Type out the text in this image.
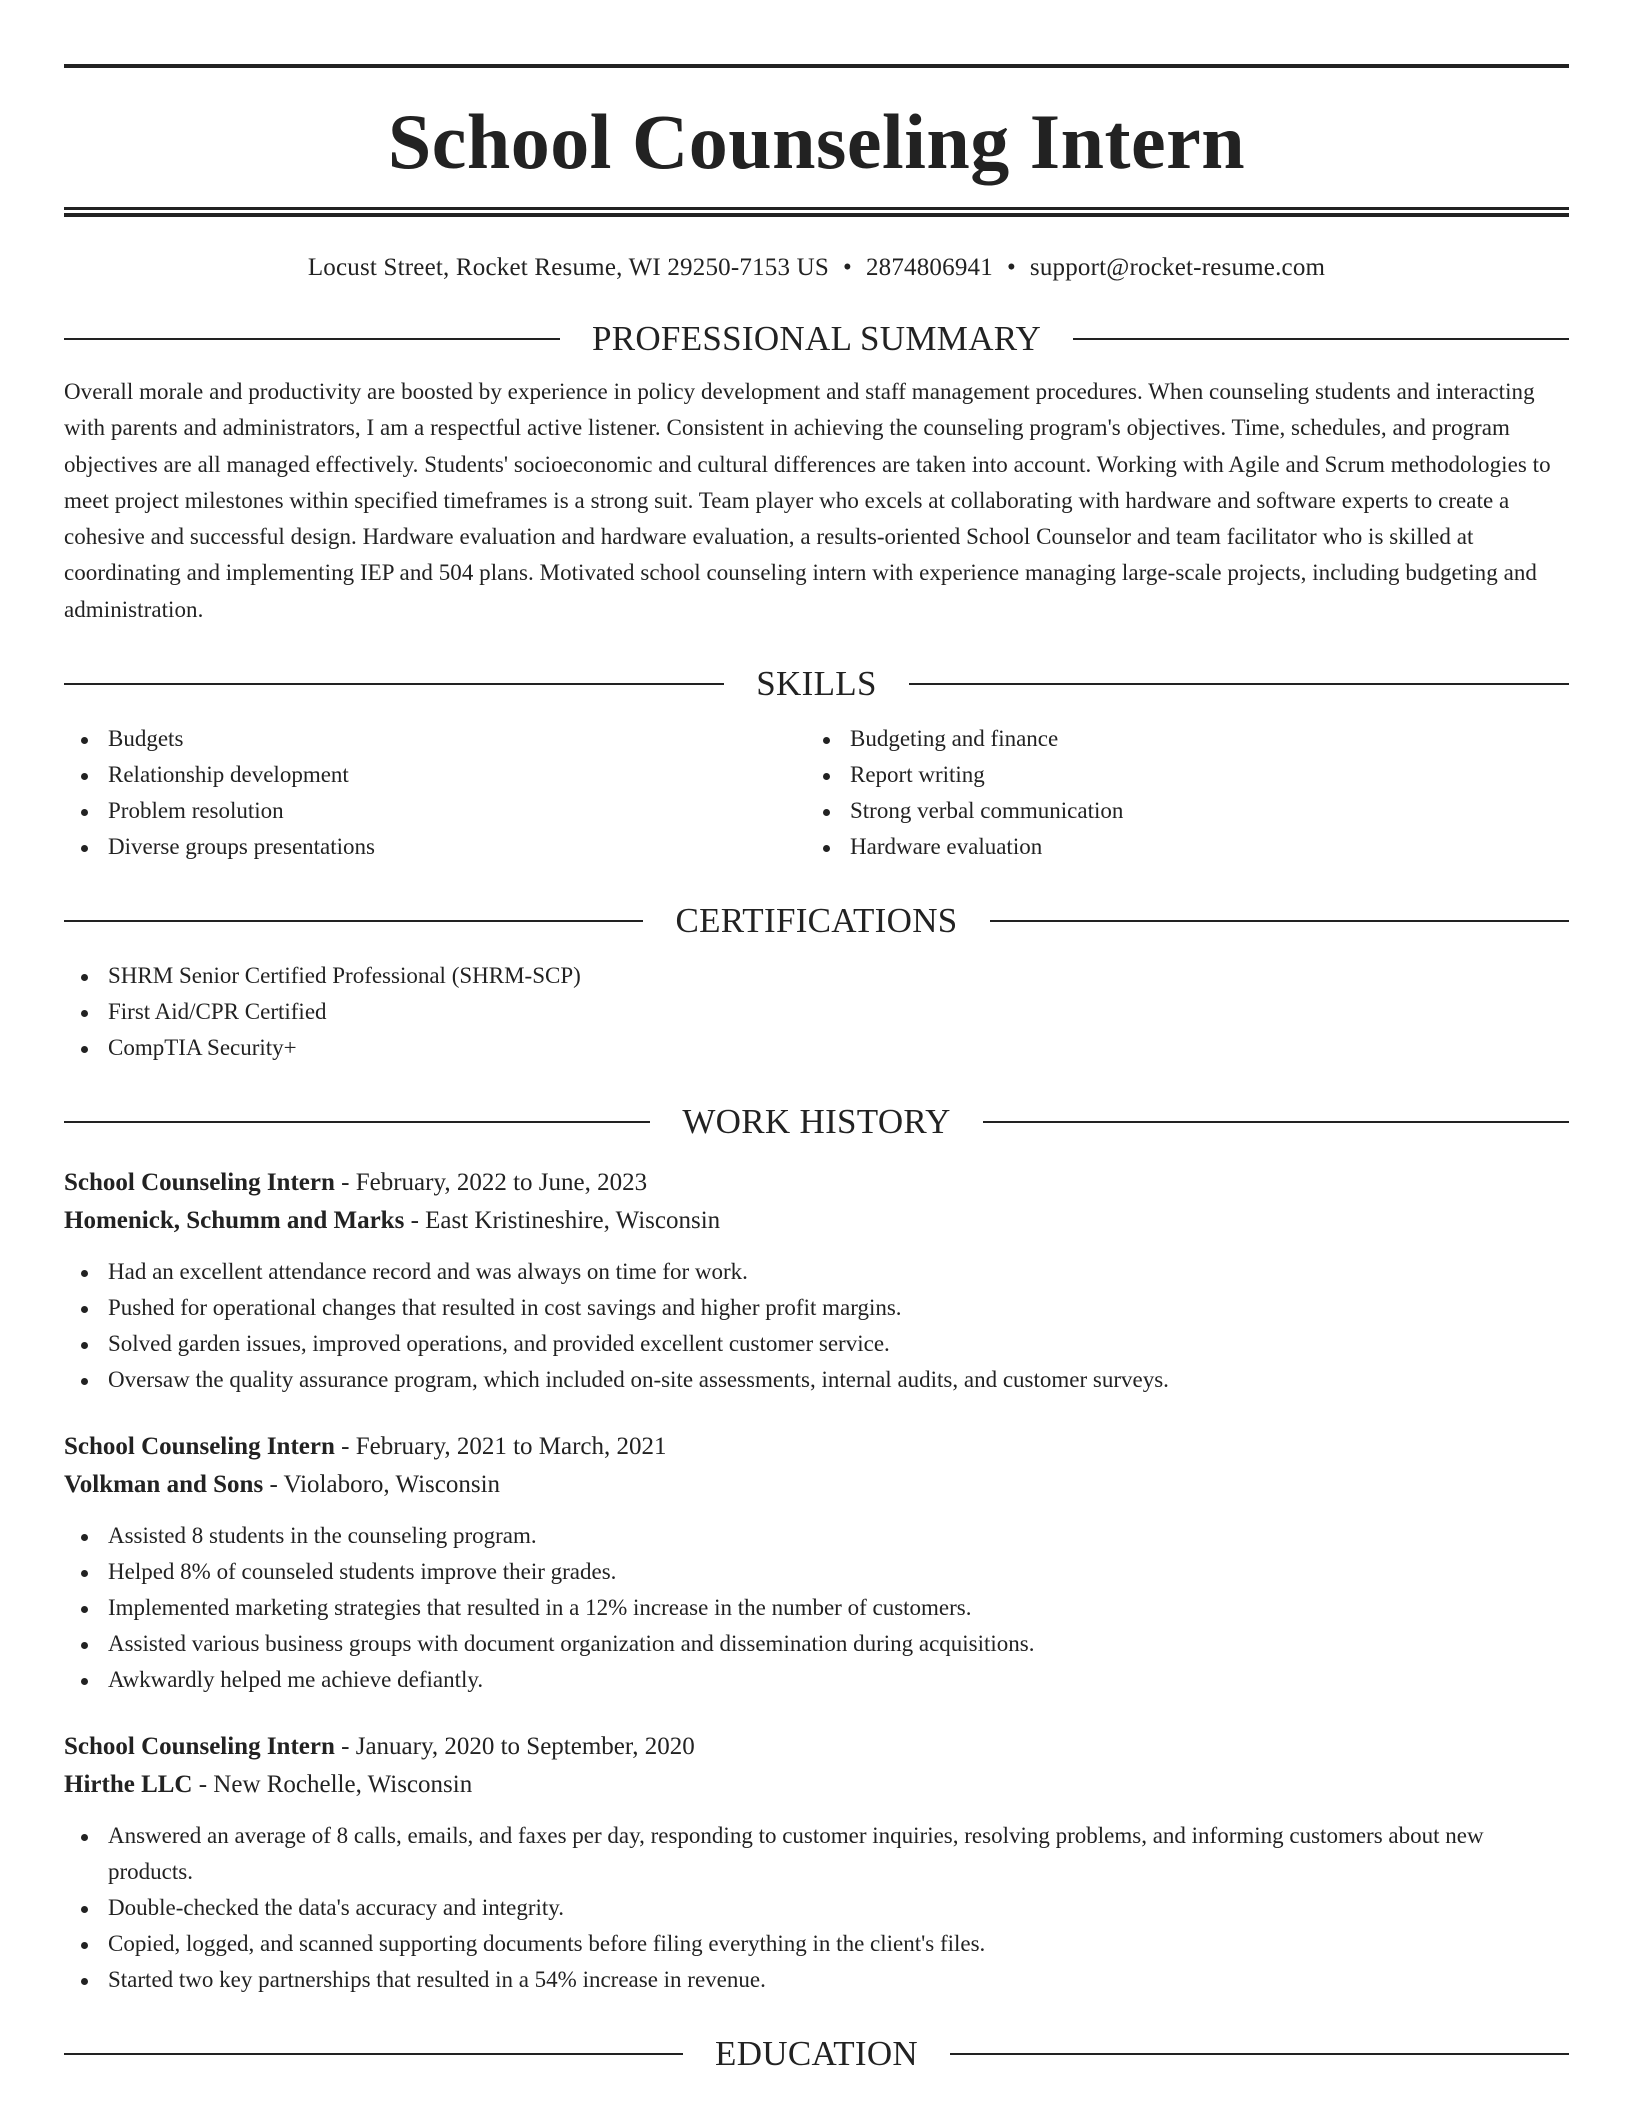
School Counseling Intern
Locust Street, Rocket Resume, WI 29250-7153 US • 2874806941 • support@rocket-resume.com
PROFESSIONAL SUMMARY
Overall morale and productivity are boosted by experience in policy development and staff management procedures. When counseling students and interacting with parents and administrators, I am a respectful active listener. Consistent in achieving the counseling program's objectives. Time, schedules, and program objectives are all managed effectively. Students' socioeconomic and cultural differences are taken into account. Working with Agile and Scrum methodologies to meet project milestones within specified timeframes is a strong suit. Team player who excels at collaborating with hardware and software experts to create a cohesive and successful design. Hardware evaluation and hardware evaluation, a results-oriented School Counselor and team facilitator who is skilled at coordinating and implementing IEP and 504 plans. Motivated school counseling intern with experience managing large-scale projects, including budgeting and administration.
SKILLS
Budgets
Relationship development
Problem resolution
Diverse groups presentations
Budgeting and finance
Report writing
Strong verbal communication
Hardware evaluation
CERTIFICATIONS
SHRM Senior Certified Professional (SHRM-SCP)
First Aid/CPR Certified
CompTIA Security+
WORK HISTORY
School Counseling Intern - February, 2022 to June, 2023
Homenick, Schumm and Marks - East Kristineshire, Wisconsin
Had an excellent attendance record and was always on time for work.
Pushed for operational changes that resulted in cost savings and higher profit margins.
Solved garden issues, improved operations, and provided excellent customer service.
Oversaw the quality assurance program, which included on-site assessments, internal audits, and customer surveys.
School Counseling Intern - February, 2021 to March, 2021
Volkman and Sons - Violaboro, Wisconsin
Assisted 8 students in the counseling program.
Helped 8% of counseled students improve their grades.
Implemented marketing strategies that resulted in a 12% increase in the number of customers.
Assisted various business groups with document organization and dissemination during acquisitions.
Awkwardly helped me achieve defiantly.
School Counseling Intern - January, 2020 to September, 2020
Hirthe LLC - New Rochelle, Wisconsin
Answered an average of 8 calls, emails, and faxes per day, responding to customer inquiries, resolving problems, and informing customers about new products.
Double-checked the data's accuracy and integrity.
Copied, logged, and scanned supporting documents before filing everything in the client's files.
Started two key partnerships that resulted in a 54% increase in revenue.
EDUCATION
